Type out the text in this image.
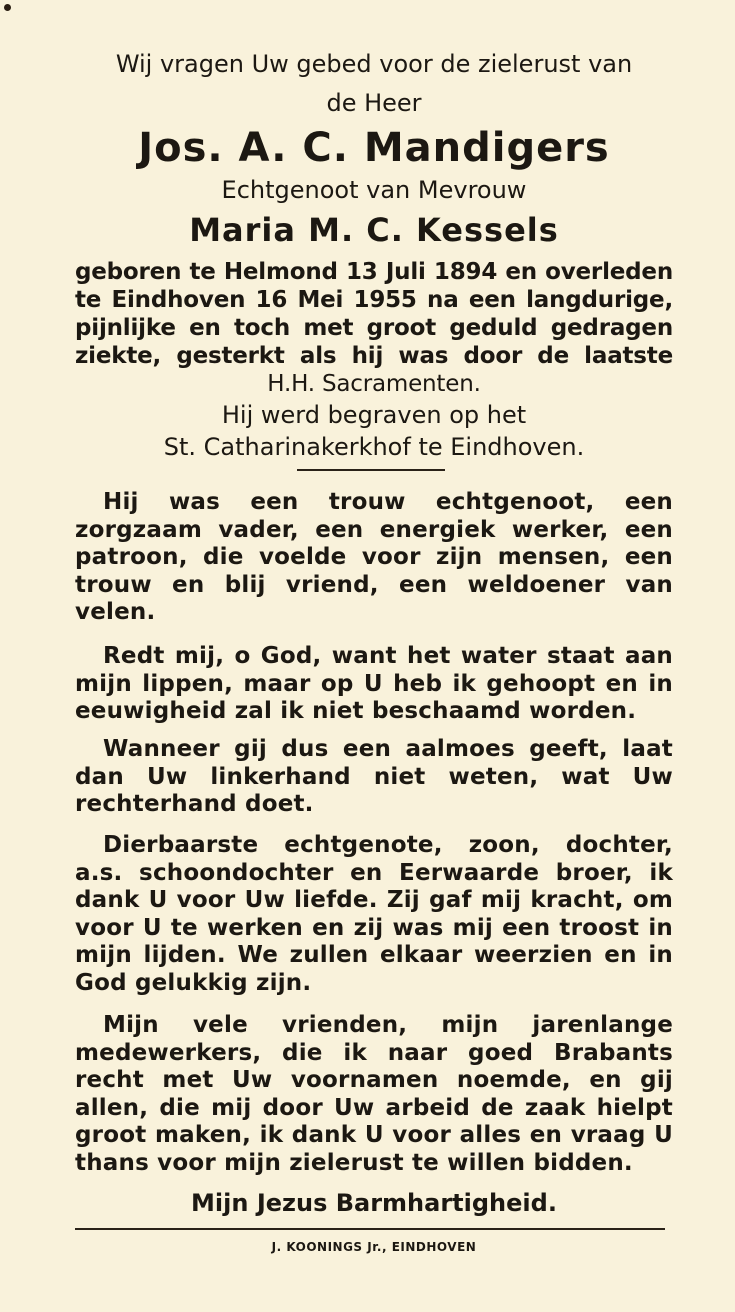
Wij vragen Uw gebed voor de zielerust van
de Heer
Jos. A. C. Mandigers
Echtgenoot van Mevrouw
Maria M. C. Kessels
geboren te Helmond 13 Juli 1894 en overleden
te Eindhoven 16 Mei 1955 na een langdurige,
pijnlijke en toch met groot geduld gedragen
ziekte, gesterkt als hij was door de laatste
H.H. Sacramenten.
Hij werd begraven op het
St. Catharinakerkhof te Eindhoven.
Hij was een trouw echtgenoot, een zorgzaam vader, een energiek werker, een patroon, die voelde voor zijn mensen, een trouw en blij vriend, een weldoener van velen.
Redt mij, o God, want het water staat aan mijn lippen, maar op U heb ik gehoopt en in eeuwigheid zal ik niet beschaamd worden.
Wanneer gij dus een aalmoes geeft, laat dan Uw linkerhand niet weten, wat Uw rechterhand doet.
Dierbaarste echtgenote, zoon, dochter, a.s. schoondochter en Eerwaarde broer, ik dank U voor Uw liefde. Zij gaf mij kracht, om voor U te werken en zij was mij een troost in mijn lijden. We zullen elkaar weerzien en in God gelukkig zijn.
Mijn vele vrienden, mijn jarenlange medewerkers, die ik naar goed Brabants recht met Uw voornamen noemde, en gij allen, die mij door Uw arbeid de zaak hielpt groot maken, ik dank U voor alles en vraag U thans voor mijn zielerust te willen bidden.
Mijn Jezus Barmhartigheid.
J. KOONINGS Jr., EINDHOVEN
